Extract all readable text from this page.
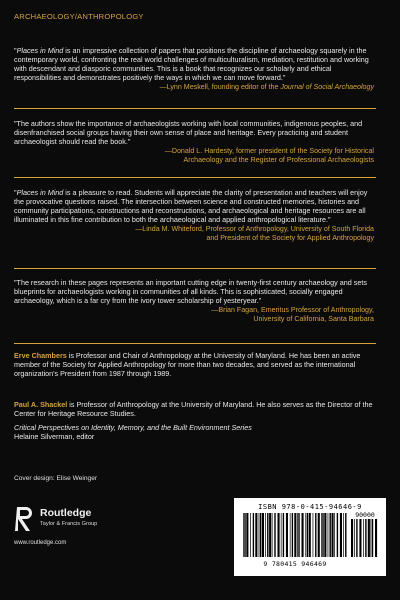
ARCHAEOLOGY/ANTHROPOLOGY

"Places in Mind is an impressive collection of papers that positions the discipline of archaeology squarely in the contemporary world, confronting the real world challenges of multiculturalism, mediation, restitution and working with descendant and diasporic communities. This is a book that recognizes our scholarly and ethical responsibilities and demonstrates positively the ways in which we can move forward."

—Lynn Meskell, founding editor of the Journal of Social Archaeology

"The authors show the importance of archaeologists working with local communities, indigenous peoples, and disenfranchised social groups having their own sense of place and heritage. Every practicing and student archaeologist should read the book."

—Donald L. Hardesty, former president of the Society for Historical
Archaeology and the Register of Professional Archaeologists

"Places in Mind is a pleasure to read. Students will appreciate the clarity of presentation and teachers will enjoy the provocative questions raised. The intersection between science and constructed memories, histories and community participations, constructions and reconstructions, and archaeological and heritage resources are all illuminated in this fine contribution to both the archaeological and applied anthropological literature."

—Linda M. Whiteford, Professor of Anthropology, University of South Florida
and President of the Society for Applied Anthropology

"The research in these pages represents an important cutting edge in twenty-first century archaeology and sets blueprints for archaeologists working in communities of all kinds. This is sophisticated, socially engaged archaeology, which is a far cry from the ivory tower scholarship of yesteryear."

—Brian Fagan, Emeritus Professor of Anthropology,
University of California, Santa Barbara
Erve Chambers is Professor and Chair of Anthropology at the University of Maryland. He has been an active member of the Society for Applied Anthropology for more than two decades, and served as the international organization's President from 1987 through 1989.
Paul A. Shackel is Professor of Anthropology at the University of Maryland. He also serves as the Director of the Center for Heritage Resource Studies.
Critical Perspectives on Identity, Memory, and the Built Environment Series
Helaine Silverman, editor
Cover design: Elise Weinger
Routledge
Taylor & Francis Group
www.routledge.com
ISBN 978-0-415-94646-9
90000
9 780415 946469
